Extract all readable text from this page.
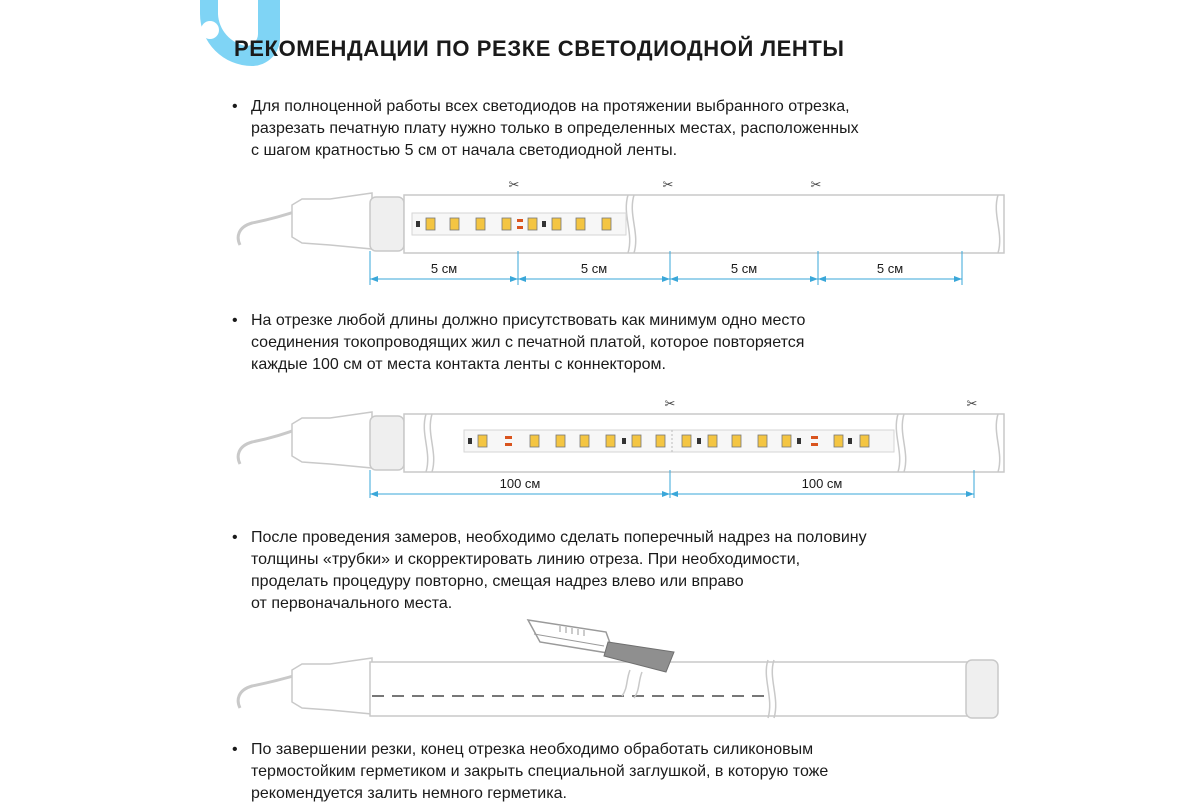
РЕКОМЕНДАЦИИ ПО РЕЗКЕ СВЕТОДИОДНОЙ ЛЕНТЫ

• Для полноценной работы всех светодиодов на протяжении выбранного отрезка,
разрезать печатную плату нужно только в определенных местах, расположенных
с шагом кратностью 5 см от начала светодиодной ленты.

✂	✂	✂
5 см	5 см	5 см	5 см

• На отрезке любой длины должно присутствовать как минимум одно место
соединения токопроводящих жил с печатной платой, которое повторяется
каждые 100 см от места контакта ленты с коннектором.

✂	✂
100 см	100 см

• После проведения замеров, необходимо сделать поперечный надрез на половину
толщины «трубки» и скорректировать линию отреза. При необходимости,
проделать процедуру повторно, смещая надрез влево или вправо
от первоначального места.

• По завершении резки, конец отрезка необходимо обработать силиконовым
термостойким герметиком и закрыть специальной заглушкой, в которую тоже
рекомендуется залить немного герметика.
